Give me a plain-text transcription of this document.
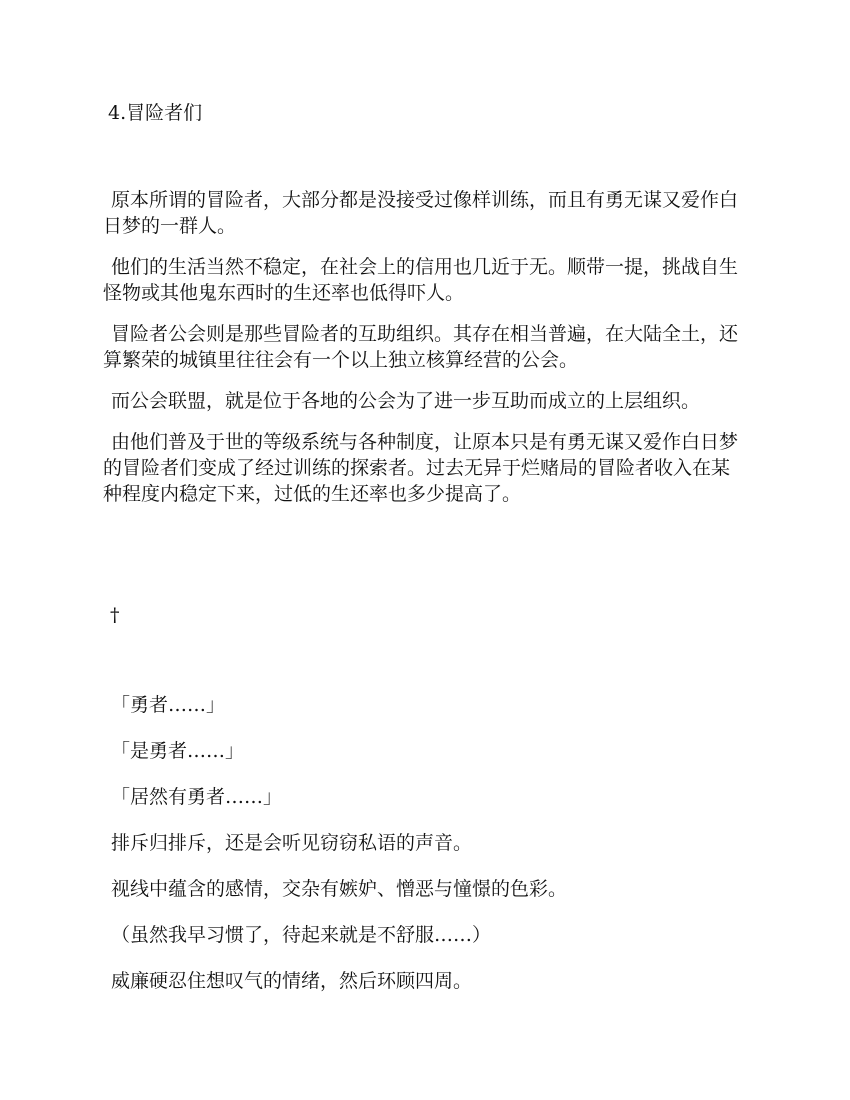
4.冒险者们

原本所谓的冒险者，大部分都是没接受过像样训练，而且有勇无谋又爱作白日梦的一群人。

他们的生活当然不稳定，在社会上的信用也几近于无。顺带一提，挑战自生怪物或其他鬼东西时的生还率也低得吓人。

冒险者公会则是那些冒险者的互助组织。其存在相当普遍，在大陆全土，还算繁荣的城镇里往往会有一个以上独立核算经营的公会。

而公会联盟，就是位于各地的公会为了进一步互助而成立的上层组织。

由他们普及于世的等级系统与各种制度，让原本只是有勇无谋又爱作白日梦的冒险者们变成了经过训练的探索者。过去无异于烂赌局的冒险者收入在某种程度内稳定下来，过低的生还率也多少提高了。

†

「勇者……」

「是勇者……」

「居然有勇者……」

排斥归排斥，还是会听见窃窃私语的声音。

视线中蕴含的感情，交杂有嫉妒、憎恶与憧憬的色彩。

（虽然我早习惯了，待起来就是不舒服……）

威廉硬忍住想叹气的情绪，然后环顾四周。
